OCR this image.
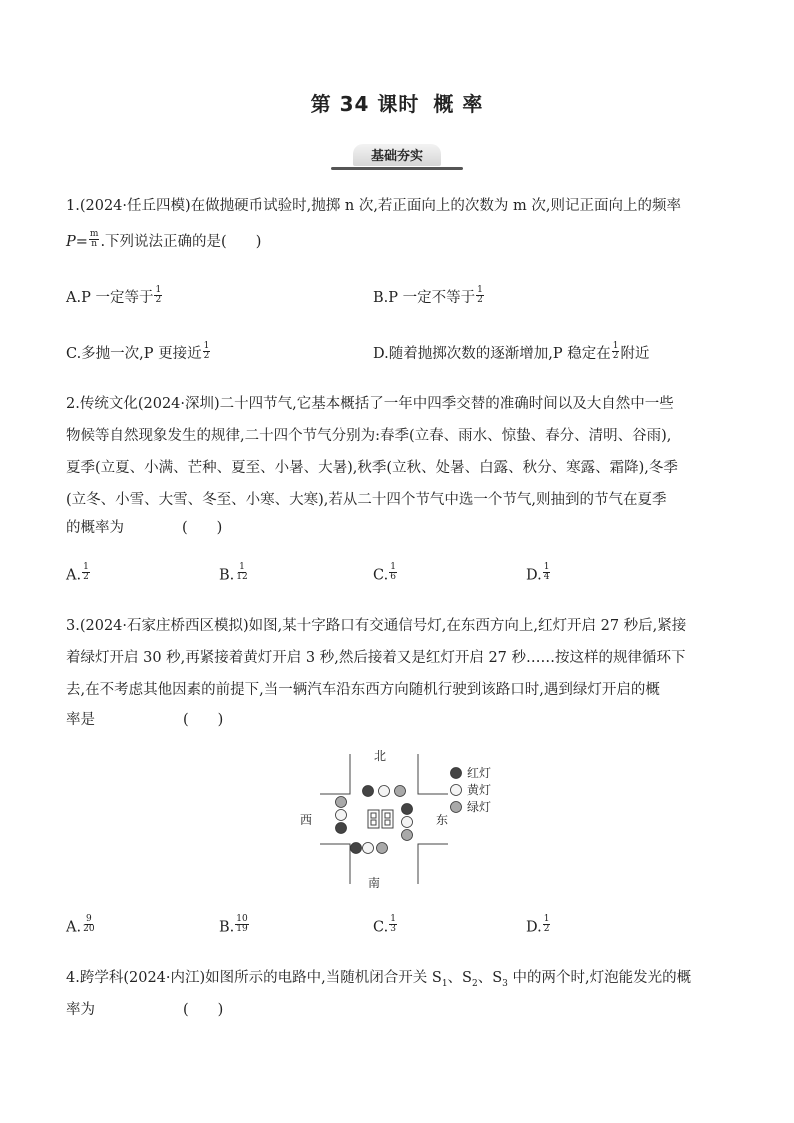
第 34 课时 概 率
基础夯实
1.(2024·任丘四模)在做抛硬币试验时,抛掷 n 次,若正面向上的次数为 m 次,则记正面向上的频率
$P= \frac{m}{n}$ .下列说法正确的是(　　)
A.P 一定等于 $\frac{1}{2}$	B.P 一定不等于 $\frac{1}{2}$
C.多抛一次,P 更接近 $\frac{1}{2}$	D.随着抛掷次数的逐渐增加,P 稳定在 $\frac{1}{2}$ 附近
2.传统文化(2024·深圳)二十四节气,它基本概括了一年中四季交替的准确时间以及大自然中一些
物候等自然现象发生的规律,二十四个节气分别为:春季(立春、雨水、惊蛰、春分、清明、谷雨),
夏季(立夏、小满、芒种、夏至、小暑、大暑),秋季(立秋、处暑、白露、秋分、寒露、霜降),冬季
(立冬、小雪、大雪、冬至、小寒、大寒),若从二十四个节气中选一个节气,则抽到的节气在夏季
的概率为	(　　)
A. $\frac{1}{2}$	B. $\frac{1}{12}$	C. $\frac{1}{6}$	D. $\frac{1}{4}$
3.(2024·石家庄桥西区模拟)如图,某十字路口有交通信号灯,在东西方向上,红灯开启 27 秒后,紧接
着绿灯开启 30 秒,再紧接着黄灯开启 3 秒,然后接着又是红灯开启 27 秒……按这样的规律循环下
去,在不考虑其他因素的前提下,当一辆汽车沿东西方向随机行驶到该路口时,遇到绿灯开启的概
率是	(　　)
北
南
西	东
红灯
黄灯
绿灯
A. $\frac{9}{20}$	B. $\frac{10}{19}$	C. $\frac{1}{3}$	D. $\frac{1}{2}$
4.跨学科(2024·内江)如图所示的电路中,当随机闭合开关 $S_1$、$S_2$、$S_3$ 中的两个时,灯泡能发光的概
率为	(　　)
